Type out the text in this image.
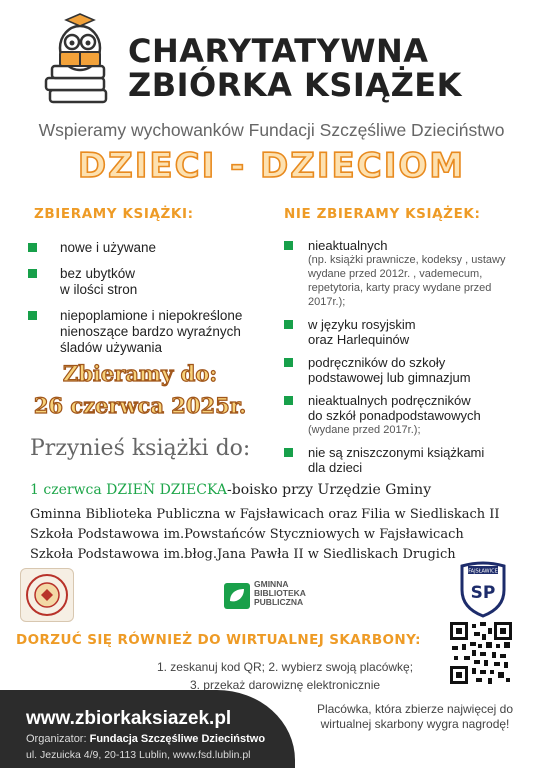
CHARYTATYWNA
ZBIÓRKA KSIĄŻEK
Wspieramy wychowanków Fundacji Szczęśliwe Dzieciństwo
DZIECI - DZIECIOM
ZBIERAMY KSIĄŻKI:
nowe i używane
bez ubytków
w ilości stron
niepoplamione i niepokreślone nienoszące bardzo wyraźnych śladów używania
Zbieramy do:
26 czerwca 2025r.
NIE ZBIERAMY KSIĄŻEK:
nieaktualnych
(np. książki prawnicze, kodeksy , ustawy wydane przed 2012r. , vademecum, repetytoria, karty pracy wydane przed 2017r.);
w języku rosyjskim
oraz Harlequinów
podręczników do szkoły
podstawowej lub gimnazjum
nieaktualnych podręczników
do szkół ponadpodstawowych
(wydane przed 2017r.);
nie są zniszczonymi książkami
dla dzieci
Przynieś książki do:
1 czerwca DZIEŃ DZIECKA-boisko przy Urzędzie Gminy
Gminna Biblioteka Publiczna w Fajsławicach oraz Filia w Siedliskach II
Szkoła Podstawowa im.Powstańców Styczniowych w Fajsławicach
Szkoła Podstawowa im.błog.Jana Pawła II w Siedliskach Drugich
GMINNA
BIBLIOTEKA
PUBLICZNA
FAJSŁAWICE
SP
DORZUĆ SIĘ RÓWNIEŻ DO WIRTUALNEJ SKARBONY:
1. zeskanuj kod QR; 2. wybierz swoją placówkę;
3. przekaż darowiznę elektronicznie
www.zbiorkaksiazek.pl
Organizator: Fundacja Szczęśliwe Dzieciństwo
ul. Jezuicka 4/9, 20-113 Lublin, www.fsd.lublin.pl
Placówka, która zbierze najwięcej do wirtualnej skarbony wygra nagrodę!
